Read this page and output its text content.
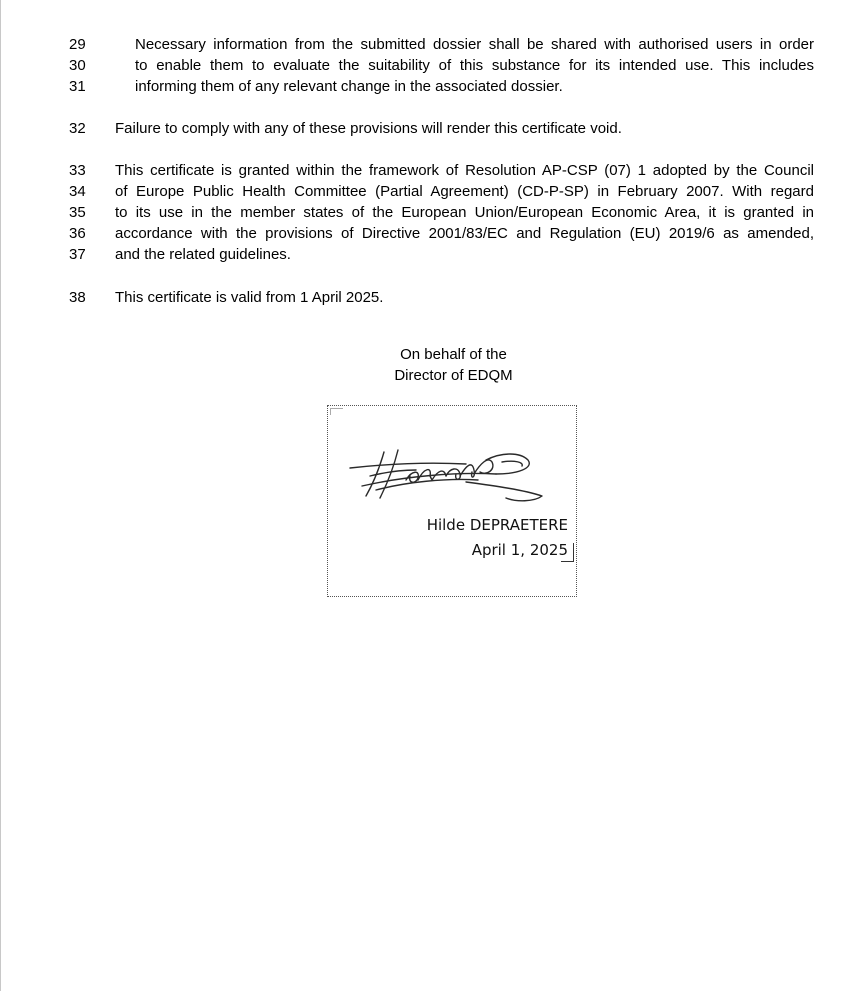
29	Necessary information from the submitted dossier shall be shared with authorised users in order
30	to enable them to evaluate the suitability of this substance for its intended use. This includes
31	informing them of any relevant change in the associated dossier.
32	Failure to comply with any of these provisions will render this certificate void.
33	This certificate is granted within the framework of Resolution AP-CSP (07) 1 adopted by the Council
34	of Europe Public Health Committee (Partial Agreement) (CD-P-SP) in February 2007. With regard
35	to its use in the member states of the European Union/European Economic Area, it is granted in
36	accordance with the provisions of Directive 2001/83/EC and Regulation (EU) 2019/6 as amended,
37	and the related guidelines.
38	This certificate is valid from 1 April 2025.
On behalf of the
Director of EDQM
Hilde DEPRAETERE
April 1, 2025
